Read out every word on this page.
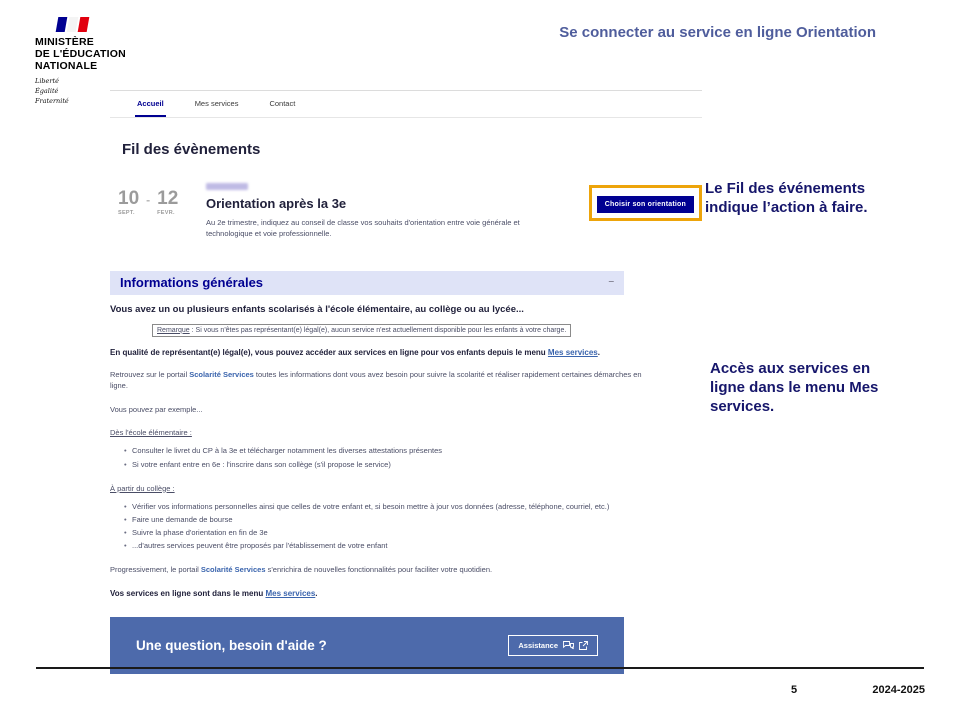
MINISTÈRE
DE L'ÉDUCATION
NATIONALE
Liberté
Égalité
Fraternité
Se connecter au service en ligne Orientation
Le Fil des événements indique l’action à faire.
Accès aux services en ligne dans le menu Mes services.
Accueil	Mes services	Contact
Fil des évènements
10
SEPT.
- 12
FEVR.
Orientation après la 3e
Au 2e trimestre, indiquez au conseil de classe vos souhaits d'orientation entre voie générale et technologique et voie professionnelle.
Choisir son orientation
Informations générales	–
Vous avez un ou plusieurs enfants scolarisés à l'école élémentaire, au collège ou au lycée...
Remarque : Si vous n'êtes pas représentant(e) légal(e), aucun service n'est actuellement disponible pour les enfants à votre charge.
En qualité de représentant(e) légal(e), vous pouvez accéder aux services en ligne pour vos enfants depuis le menu Mes services.
Retrouvez sur le portail Scolarité Services toutes les informations dont vous avez besoin pour suivre la scolarité et réaliser rapidement certaines démarches en ligne.
Vous pouvez par exemple...
Dès l'école élémentaire :
• Consulter le livret du CP à la 3e et télécharger notamment les diverses attestations présentes
• Si votre enfant entre en 6e : l'inscrire dans son collège (s'il propose le service)
À partir du collège :
• Vérifier vos informations personnelles ainsi que celles de votre enfant et, si besoin mettre à jour vos données (adresse, téléphone, courriel, etc.)
• Faire une demande de bourse
• Suivre la phase d'orientation en fin de 3e
• ...d'autres services peuvent être proposés par l'établissement de votre enfant
Progressivement, le portail Scolarité Services s'enrichira de nouvelles fonctionnalités pour faciliter votre quotidien.
Vos services en ligne sont dans le menu Mes services.
Une question, besoin d'aide ?	Assistance
5	2024-2025
